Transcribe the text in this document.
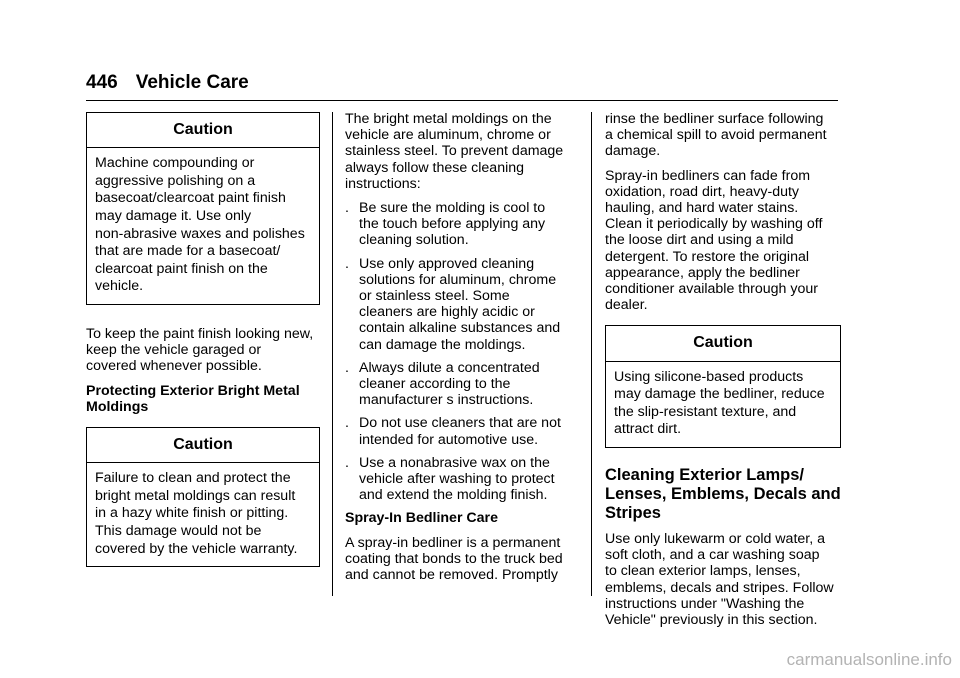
446 Vehicle Care
Caution
Machine compounding or
aggressive polishing on a
basecoat/clearcoat paint finish
may damage it. Use only
non-abrasive waxes and polishes
that are made for a basecoat/
clearcoat paint finish on the
vehicle.

To keep the paint finish looking new,
keep the vehicle garaged or
covered whenever possible.

Protecting Exterior Bright Metal
Moldings

Caution
Failure to clean and protect the
bright metal moldings can result
in a hazy white finish or pitting.
This damage would not be
covered by the vehicle warranty.

The bright metal moldings on the
vehicle are aluminum, chrome or
stainless steel. To prevent damage
always follow these cleaning
instructions:

. Be sure the molding is cool to
the touch before applying any
cleaning solution.
. Use only approved cleaning
solutions for aluminum, chrome
or stainless steel. Some
cleaners are highly acidic or
contain alkaline substances and
can damage the moldings.
. Always dilute a concentrated
cleaner according to the
manufacturer s instructions.
. Do not use cleaners that are not
intended for automotive use.
. Use a nonabrasive wax on the
vehicle after washing to protect
and extend the molding finish.

Spray-In Bedliner Care

A spray-in bedliner is a permanent
coating that bonds to the truck bed
and cannot be removed. Promptly

rinse the bedliner surface following
a chemical spill to avoid permanent
damage.

Spray-in bedliners can fade from
oxidation, road dirt, heavy-duty
hauling, and hard water stains.
Clean it periodically by washing off
the loose dirt and using a mild
detergent. To restore the original
appearance, apply the bedliner
conditioner available through your
dealer.

Caution
Using silicone-based products
may damage the bedliner, reduce
the slip-resistant texture, and
attract dirt.
Cleaning Exterior Lamps/
Lenses, Emblems, Decals and
Stripes

Use only lukewarm or cold water, a
soft cloth, and a car washing soap
to clean exterior lamps, lenses,
emblems, decals and stripes. Follow
instructions under "Washing the
Vehicle" previously in this section.

carmanualsonline.info
